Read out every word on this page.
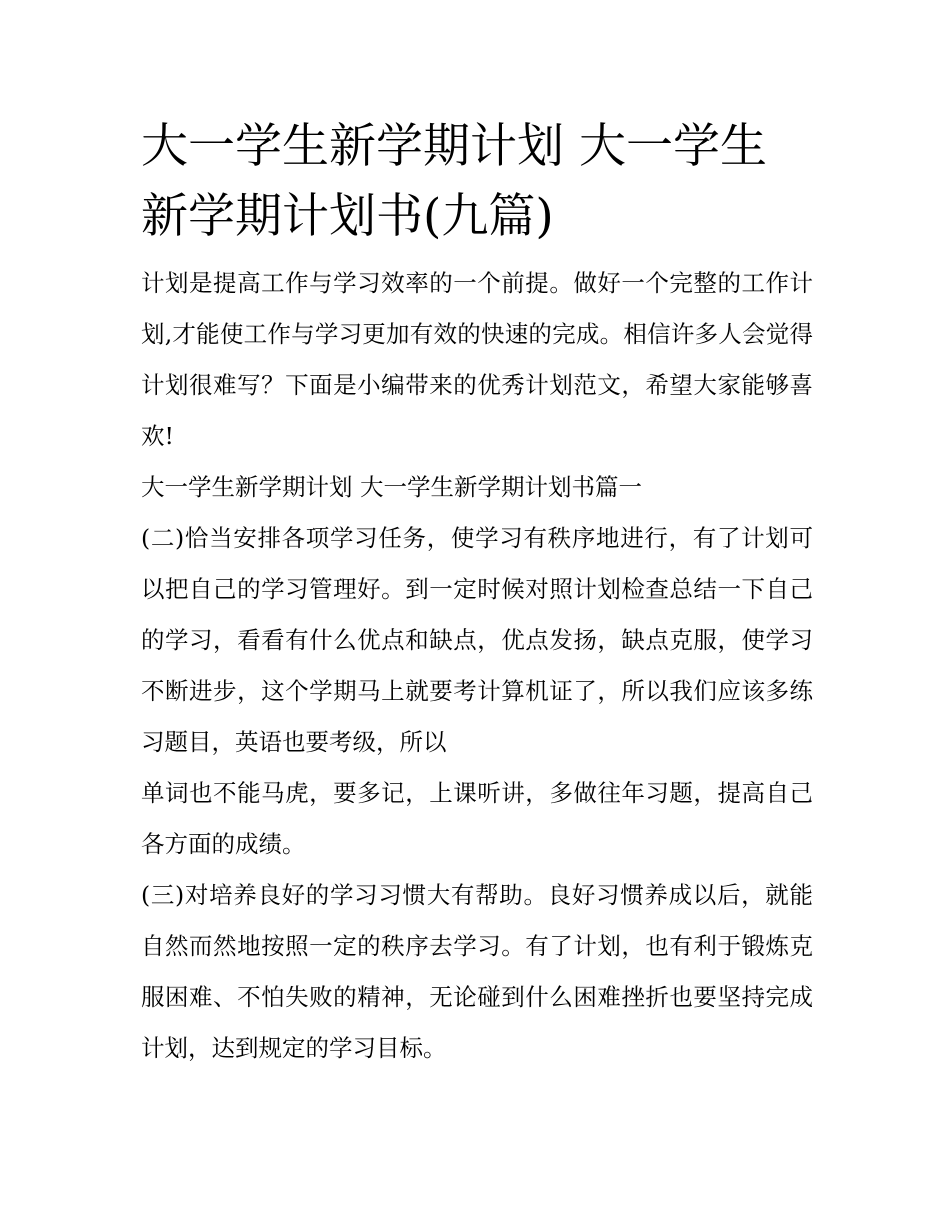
大一学生新学期计划 大一学生新学期计划书(九篇)

计划是提高工作与学习效率的一个前提。做好一个完整的工作计划,才能使工作与学习更加有效的快速的完成。相信许多人会觉得计划很难写？下面是小编带来的优秀计划范文，希望大家能够喜欢!

大一学生新学期计划 大一学生新学期计划书篇一

(二)恰当安排各项学习任务，使学习有秩序地进行，有了计划可以把自己的学习管理好。到一定时候对照计划检查总结一下自己的学习，看看有什么优点和缺点，优点发扬，缺点克服，使学习不断进步，这个学期马上就要考计算机证了，所以我们应该多练习题目，英语也要考级，所以

单词也不能马虎，要多记，上课听讲，多做往年习题，提高自己各方面的成绩。

(三)对培养良好的学习习惯大有帮助。良好习惯养成以后，就能自然而然地按照一定的秩序去学习。有了计划，也有利于锻炼克服困难、不怕失败的精神，无论碰到什么困难挫折也要坚持完成计划，达到规定的学习目标。
